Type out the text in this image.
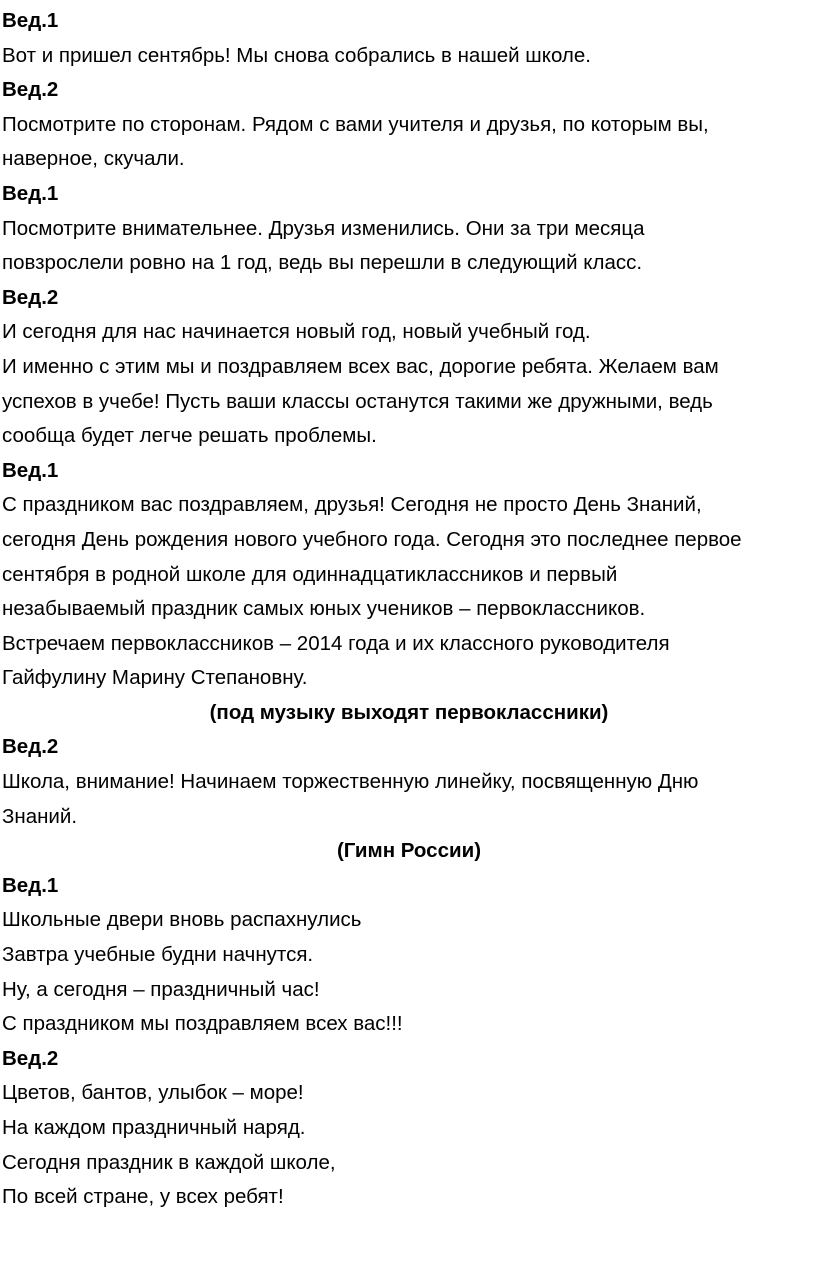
Вед.1
Вот и пришел сентябрь! Мы снова собрались в нашей школе.
Вед.2
Посмотрите по сторонам. Рядом с вами учителя и друзья, по которым вы,
наверное, скучали.
Вед.1
Посмотрите внимательнее. Друзья изменились. Они за три месяца
повзрослели ровно на 1 год, ведь вы перешли в следующий класс.
Вед.2
И сегодня для нас начинается новый год, новый учебный год.
И именно с этим мы и поздравляем всех вас, дорогие ребята. Желаем вам
успехов в учебе! Пусть ваши классы останутся такими же дружными, ведь
сообща будет легче решать проблемы.
Вед.1
С праздником вас поздравляем, друзья! Сегодня не просто День Знаний,
сегодня День рождения нового учебного года. Сегодня это последнее первое
сентября в родной школе для одиннадцатиклассников и первый
незабываемый праздник самых юных учеников – первоклассников.
Встречаем первоклассников – 2014 года и их классного руководителя
Гайфулину Марину Степановну.
(под музыку выходят первоклассники)
Вед.2
Школа, внимание! Начинаем торжественную линейку, посвященную Дню
Знаний.
(Гимн России)
Вед.1
Школьные двери вновь распахнулись
Завтра учебные будни начнутся.
Ну, а сегодня – праздничный час!
С праздником мы поздравляем всех вас!!!
Вед.2
Цветов, бантов, улыбок – море!
На каждом праздничный наряд.
Сегодня праздник в каждой школе,
По всей стране, у всех ребят!
